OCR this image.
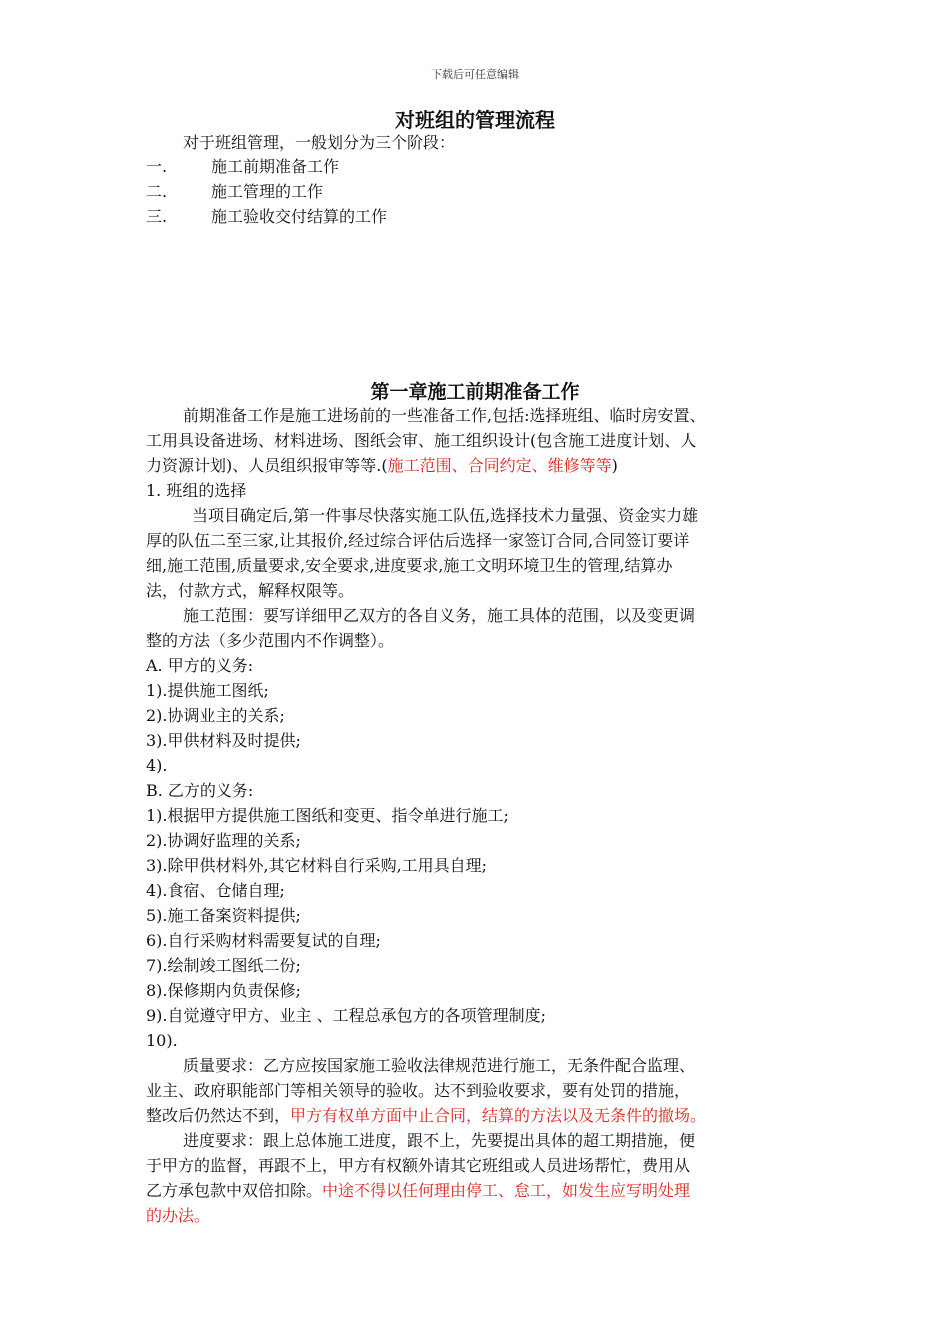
下载后可任意编辑
对班组的管理流程
对于班组管理，一般划分为三个阶段：
一.	施工前期准备工作
二.	施工管理的工作
三.	施工验收交付结算的工作
第一章施工前期准备工作
前期准备工作是施工进场前的一些准备工作,包括:选择班组、临时房安置、
工用具设备进场、材料进场、图纸会审、施工组织设计(包含施工进度计划、人
力资源计划)、人员组织报审等等.(施工范围、合同约定、维修等等)
1. 班组的选择
当项目确定后,第一件事尽快落实施工队伍,选择技术力量强、资金实力雄
厚的队伍二至三家,让其报价,经过综合评估后选择一家签订合同,合同签订要详
细,施工范围,质量要求,安全要求,进度要求,施工文明环境卫生的管理,结算办
法，付款方式，解释权限等。
施工范围：要写详细甲乙双方的各自义务，施工具体的范围，以及变更调
整的方法（多少范围内不作调整）。
A. 甲方的义务:
1).提供施工图纸;
2).协调业主的关系;
3).甲供材料及时提供;
4).
B. 乙方的义务:
1).根据甲方提供施工图纸和变更、指令单进行施工;
2).协调好监理的关系;
3).除甲供材料外,其它材料自行采购,工用具自理;
4).食宿、仓储自理;
5).施工备案资料提供;
6).自行采购材料需要复试的自理;
7).绘制竣工图纸二份;
8).保修期内负责保修;
9).自觉遵守甲方、业主 、工程总承包方的各项管理制度;
10).
质量要求：乙方应按国家施工验收法律规范进行施工，无条件配合监理、
业主、政府职能部门等相关领导的验收。达不到验收要求，要有处罚的措施，
整改后仍然达不到，甲方有权单方面中止合同，结算的方法以及无条件的撤场。
进度要求：跟上总体施工进度，跟不上，先要提出具体的超工期措施，便
于甲方的监督，再跟不上，甲方有权额外请其它班组或人员进场帮忙，费用从
乙方承包款中双倍扣除。中途不得以任何理由停工、怠工，如发生应写明处理
的办法。
